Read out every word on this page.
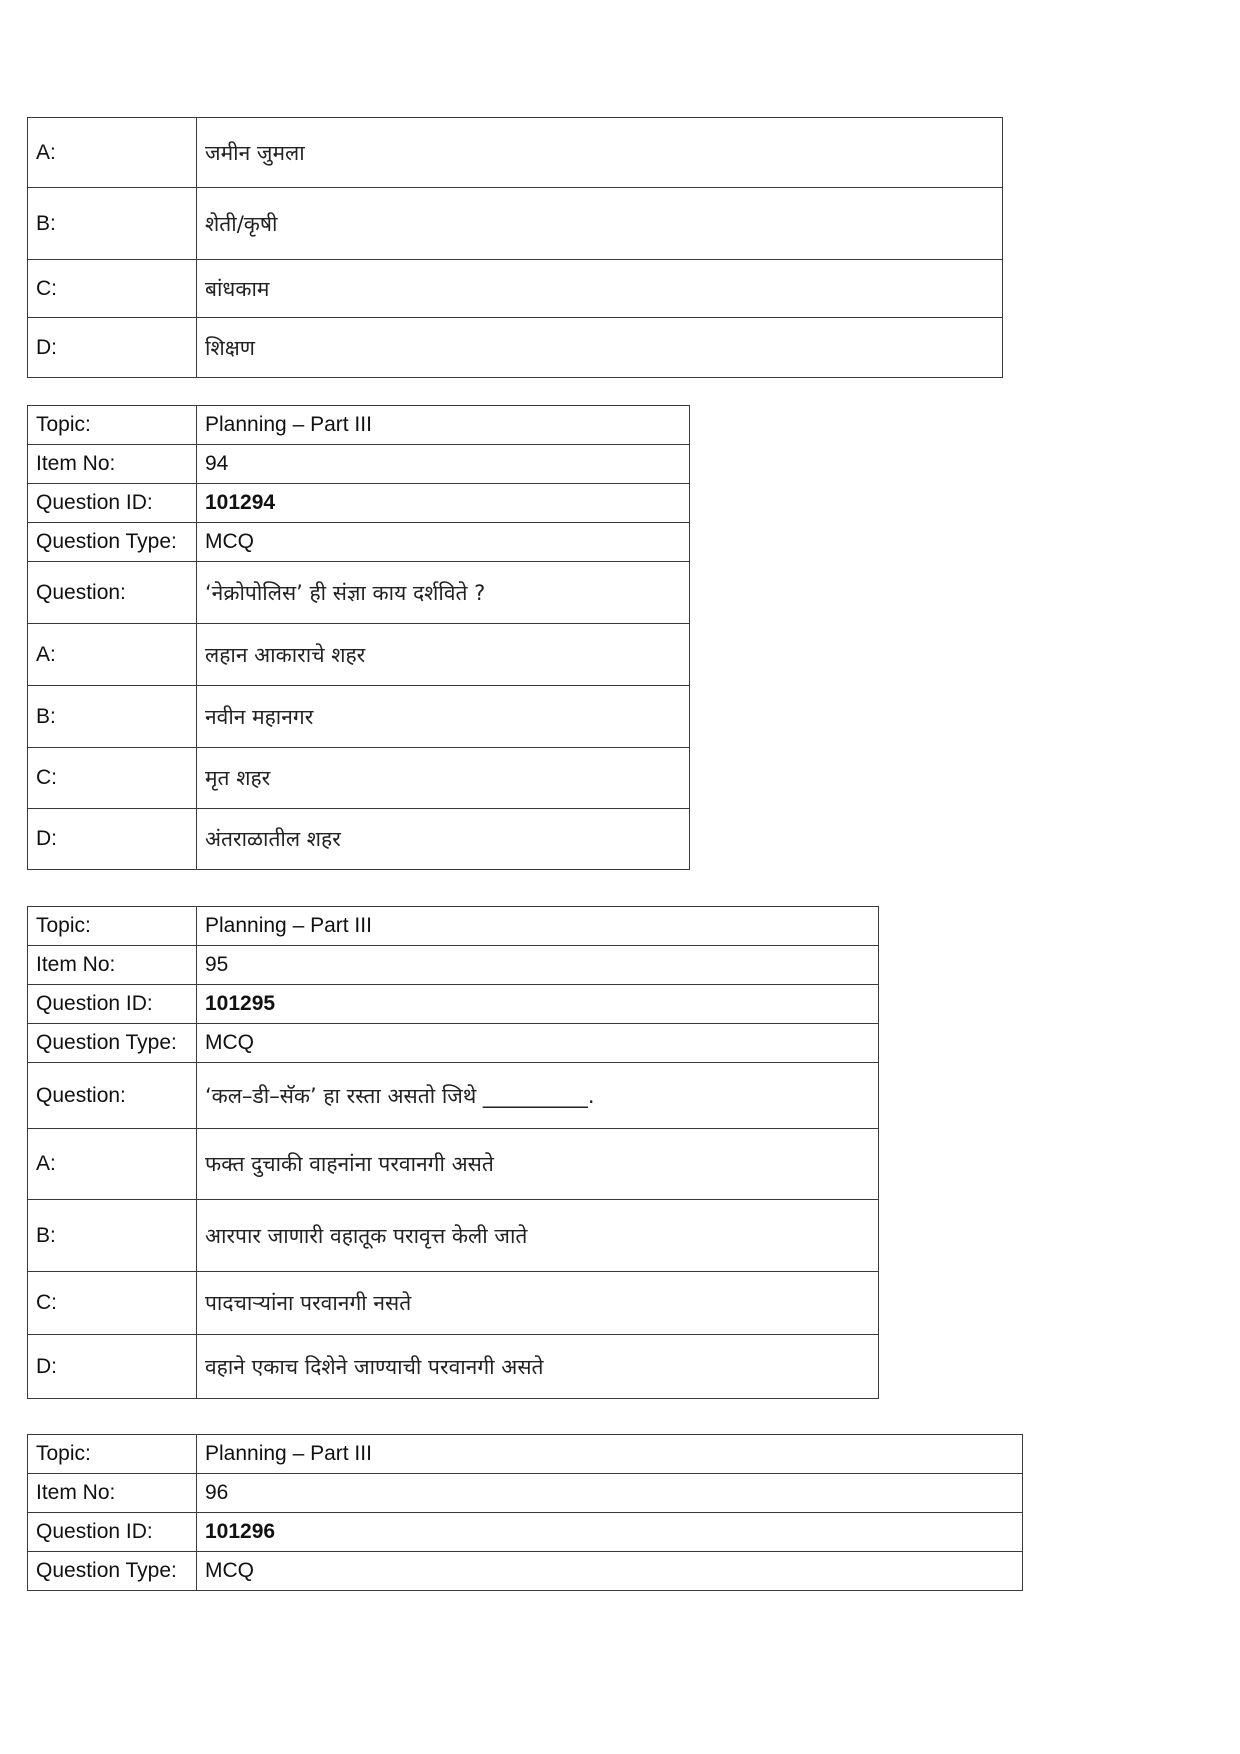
A:	जमीन जुमला
B:	शेती/कृषी
C:	बांधकाम
D:	शिक्षण
Topic:	Planning – Part III
Item No:	94
Question ID:	101294
Question Type:	MCQ
Question:	‘नेक्रोपोलिस’ ही संज्ञा काय दर्शविते ?
A:	लहान आकाराचे शहर
B:	नवीन महानगर
C:	मृत शहर
D:	अंतराळातील शहर
Topic:	Planning – Part III
Item No:	95
Question ID:	101295
Question Type:	MCQ
Question:	‘कल–डी–सॅक’ हा रस्ता असतो जिथे __________.
A:	फक्त दुचाकी वाहनांना परवानगी असते
B:	आरपार जाणारी वहातूक परावृत्त केली जाते
C:	पादचाऱ्यांना परवानगी नसते
D:	वहाने एकाच दिशेने जाण्याची परवानगी असते
Topic:	Planning – Part III
Item No:	96
Question ID:	101296
Question Type:	MCQ
